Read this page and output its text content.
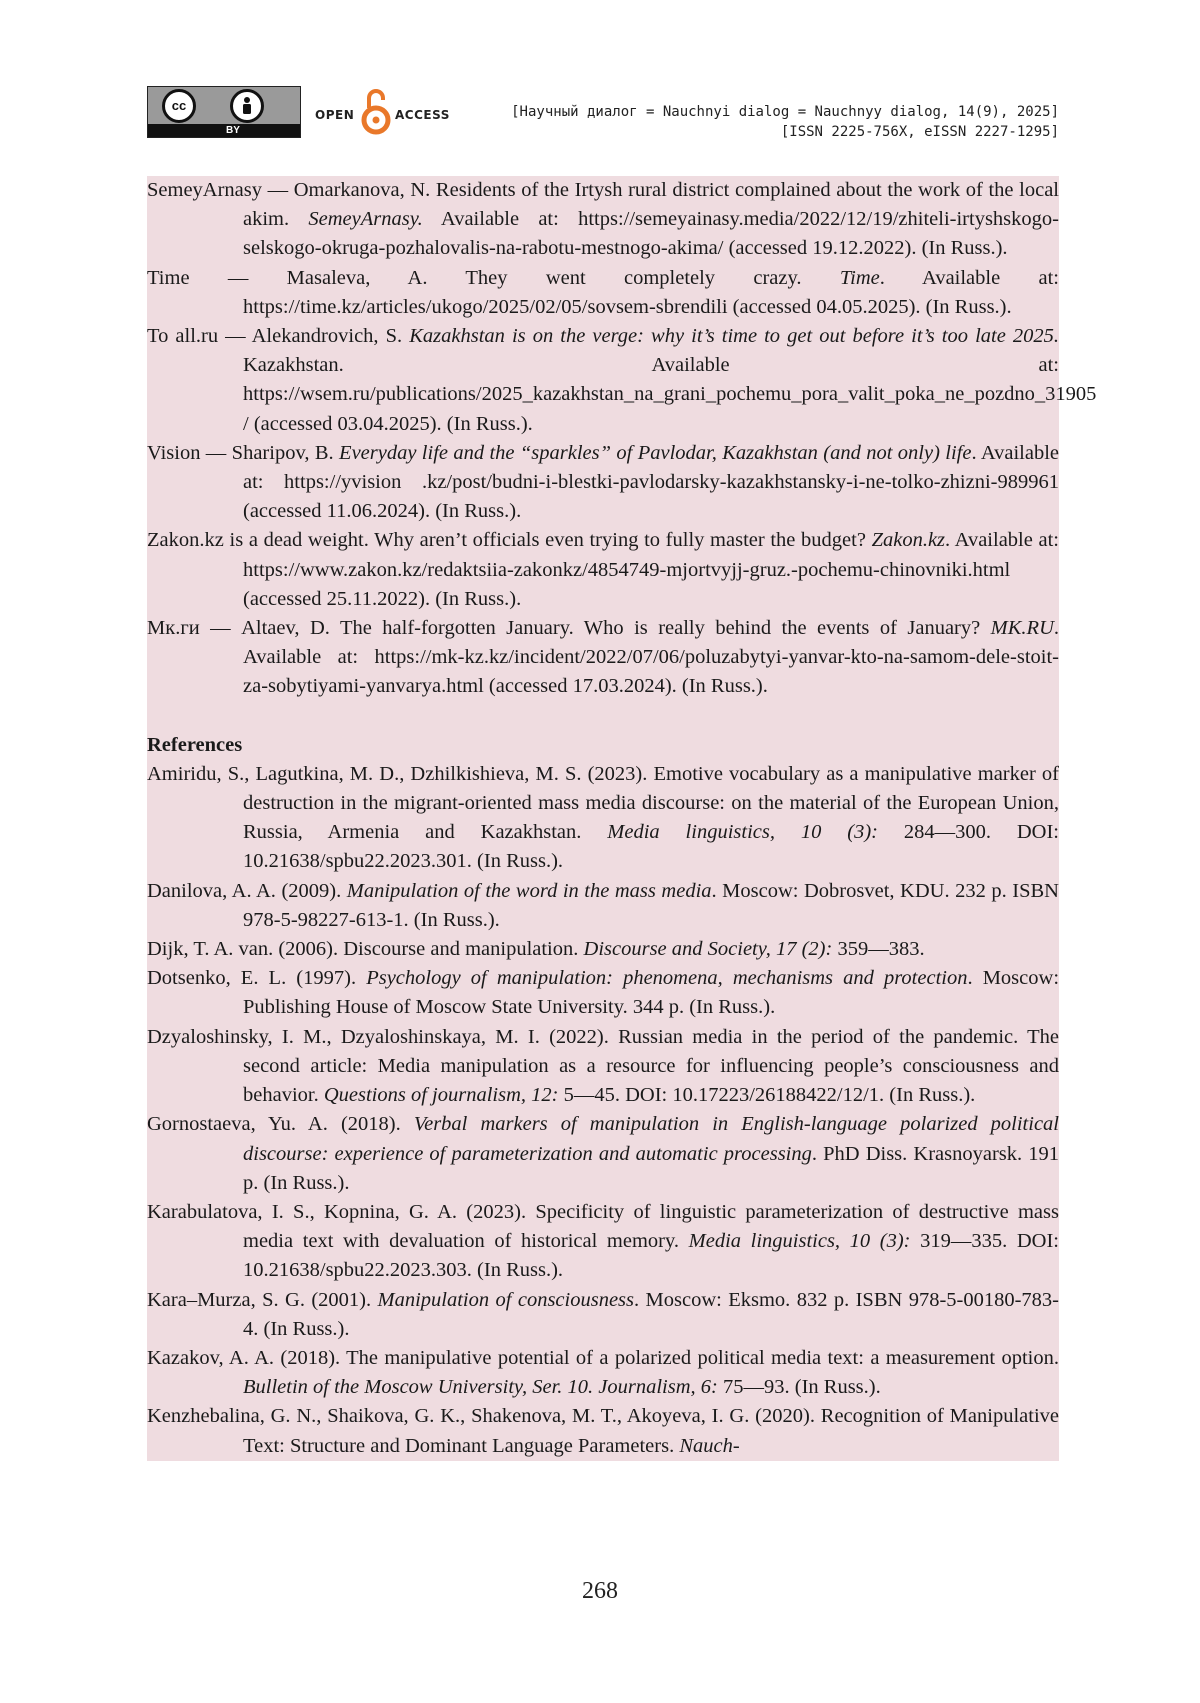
cc
BY
OPEN	ACCESS	[Научный диалог = Nauchnyi dialog = Nauchnyy dialog, 14(9), 2025]
[ISSN 2225-756X, eISSN 2227-1295]

SemeyArnasy — Omarkanova, N. Residents of the Irtysh rural district complained about the work of the local akim. SemeyArnasy. Available at: https://semeyainasy.media/2022/12/19/zhiteli-irtyshskogo-selskogo-okruga-pozhalovalis-na-rabotu-mestnogo-akima/ (accessed 19.12.2022). (In Russ.).

Time — Masaleva, A. They went completely crazy. Time. Available at: https://time.kz/articles/ukogo/2025/02/05/sovsem-sbrendili (accessed 04.05.2025). (In Russ.).

To all.ru — Alekandrovich, S. Kazakhstan is on the verge: why it’s time to get out before it’s too late 2025. Kazakhstan. Available at: https://wsem.ru/publications/2025_kazakhstan_na_grani_pochemu_pora_valit_poka_ne_pozdno_31905 / (accessed 03.04.2025). (In Russ.).

Vision — Sharipov, B. Everyday life and the “sparkles” of Pavlodar, Kazakhstan (and not only) life. Available at: https://yvision .kz/post/budni-i-blestki-pavlodarsky-kazakhstansky-i-ne-tolko-zhizni-989961 (accessed 11.06.2024). (In Russ.).

Zakon.kz is a dead weight. Why aren’t officials even trying to fully master the budget? Zakon.kz. Available at: https://www.zakon.kz/redaktsiia-zakonkz/4854749-mjortvyjj-gruz.-pochemu-chinovniki.html (accessed 25.11.2022). (In Russ.).

Мк.ги — Altaev, D. The half-forgotten January. Who is really behind the events of January? MK.RU. Available at: https://mk-kz.kz/incident/2022/07/06/poluzabytyi-yanvar-kto-na-samom-dele-stoit-za-sobytiyami-yanvarya.html (accessed 17.03.2024). (In Russ.).

References

Amiridu, S., Lagutkina, M. D., Dzhilkishieva, M. S. (2023). Emotive vocabulary as a manipulative marker of destruction in the migrant-oriented mass media discourse: on the material of the European Union, Russia, Armenia and Kazakhstan. Media linguistics, 10 (3): 284—300. DOI: 10.21638/spbu22.2023.301. (In Russ.).

Danilova, A. A. (2009). Manipulation of the word in the mass media. Moscow: Dobrosvet, KDU. 232 p. ISBN 978-5-98227-613-1. (In Russ.).

Dijk, T. A. van. (2006). Discourse and manipulation. Discourse and Society, 17 (2): 359—383.

Dotsenko, E. L. (1997). Psychology of manipulation: phenomena, mechanisms and protection. Moscow: Publishing House of Moscow State University. 344 p. (In Russ.).

Dzyaloshinsky, I. M., Dzyaloshinskaya, M. I. (2022). Russian media in the period of the pandemic. The second article: Media manipulation as a resource for influencing people’s consciousness and behavior. Questions of journalism, 12: 5—45. DOI: 10.17223/26188422/12/1. (In Russ.).

Gornostaeva, Yu. A. (2018). Verbal markers of manipulation in English-language polarized political discourse: experience of parameterization and automatic processing. PhD Diss. Krasnoyarsk. 191 p. (In Russ.).

Karabulatova, I. S., Kopnina, G. A. (2023). Specificity of linguistic parameterization of destructive mass media text with devaluation of historical memory. Media linguistics, 10 (3): 319—335. DOI: 10.21638/spbu22.2023.303. (In Russ.).

Kara–Murza, S. G. (2001). Manipulation of consciousness. Moscow: Eksmo. 832 p. ISBN 978-5-00180-783-4. (In Russ.).

Kazakov, A. A. (2018). The manipulative potential of a polarized political media text: a measurement option. Bulletin of the Moscow University, Ser. 10. Journalism, 6: 75—93. (In Russ.).

Kenzhebalina, G. N., Shaikova, G. K., Shakenova, M. T., Akoyeva, I. G. (2020). Recognition of Manipulative Text: Structure and Dominant Language Parameters. Nauch-

268
